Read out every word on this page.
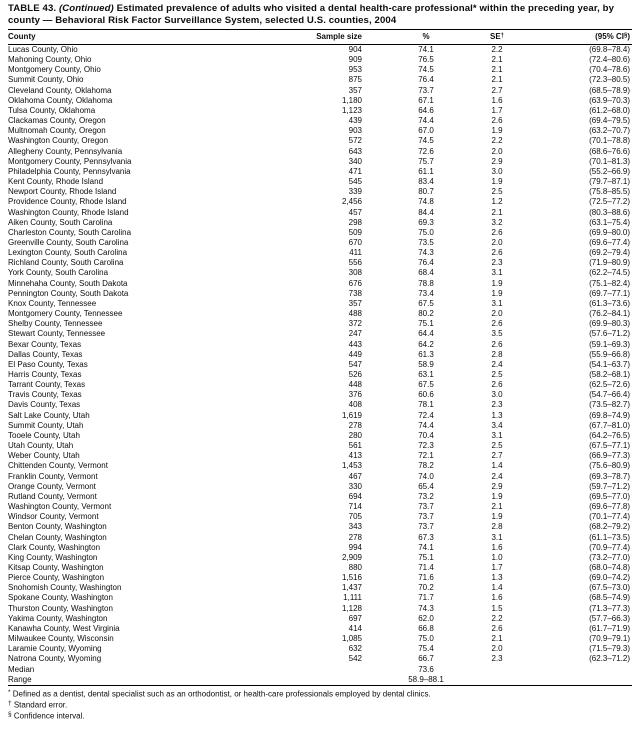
TABLE 43. (Continued) Estimated prevalence of adults who visited a dental health-care professional* within the preceding year, by county — Behavioral Risk Factor Surveillance System, selected U.S. counties, 2004
County	Sample size	%	SE†	(95% CI§)
Lucas County, Ohio	904	74.1	2.2	(69.8–78.4)
Mahoning County, Ohio	909	76.5	2.1	(72.4–80.6)
Montgomery County, Ohio	953	74.5	2.1	(70.4–78.6)
Summit County, Ohio	875	76.4	2.1	(72.3–80.5)
Cleveland County, Oklahoma	357	73.7	2.7	(68.5–78.9)
Oklahoma County, Oklahoma	1,180	67.1	1.6	(63.9–70.3)
Tulsa County, Oklahoma	1,123	64.6	1.7	(61.2–68.0)
Clackamas County, Oregon	439	74.4	2.6	(69.4–79.5)
Multnomah County, Oregon	903	67.0	1.9	(63.2–70.7)
Washington County, Oregon	572	74.5	2.2	(70.1–78.8)
Allegheny County, Pennsylvania	643	72.6	2.0	(68.6–76.6)
Montgomery County, Pennsylvania	340	75.7	2.9	(70.1–81.3)
Philadelphia County, Pennsylvania	471	61.1	3.0	(55.2–66.9)
Kent County, Rhode Island	545	83.4	1.9	(79.7–87.1)
Newport County, Rhode Island	339	80.7	2.5	(75.8–85.5)
Providence County, Rhode Island	2,456	74.8	1.2	(72.5–77.2)
Washington County, Rhode Island	457	84.4	2.1	(80.3–88.6)
Aiken County, South Carolina	298	69.3	3.2	(63.1–75.4)
Charleston County, South Carolina	509	75.0	2.6	(69.9–80.0)
Greenville County, South Carolina	670	73.5	2.0	(69.6–77.4)
Lexington County, South Carolina	411	74.3	2.6	(69.2–79.4)
Richland County, South Carolina	556	76.4	2.3	(71.9–80.9)
York County, South Carolina	308	68.4	3.1	(62.2–74.5)
Minnehaha County, South Dakota	676	78.8	1.9	(75.1–82.4)
Pennington County, South Dakota	738	73.4	1.9	(69.7–77.1)
Knox County, Tennessee	357	67.5	3.1	(61.3–73.6)
Montgomery County, Tennessee	488	80.2	2.0	(76.2–84.1)
Shelby County, Tennessee	372	75.1	2.6	(69.9–80.3)
Stewart County, Tennessee	247	64.4	3.5	(57.6–71.2)
Bexar County, Texas	443	64.2	2.6	(59.1–69.3)
Dallas County, Texas	449	61.3	2.8	(55.9–66.8)
El Paso County, Texas	547	58.9	2.4	(54.1–63.7)
Harris County, Texas	526	63.1	2.5	(58.2–68.1)
Tarrant County, Texas	448	67.5	2.6	(62.5–72.6)
Travis County, Texas	376	60.6	3.0	(54.7–66.4)
Davis County, Texas	408	78.1	2.3	(73.5–82.7)
Salt Lake County, Utah	1,619	72.4	1.3	(69.8–74.9)
Summit County, Utah	278	74.4	3.4	(67.7–81.0)
Tooele County, Utah	280	70.4	3.1	(64.2–76.5)
Utah County, Utah	561	72.3	2.5	(67.5–77.1)
Weber County, Utah	413	72.1	2.7	(66.9–77.3)
Chittenden County, Vermont	1,453	78.2	1.4	(75.6–80.9)
Franklin County, Vermont	467	74.0	2.4	(69.3–78.7)
Orange County, Vermont	330	65.4	2.9	(59.7–71.2)
Rutland County, Vermont	694	73.2	1.9	(69.5–77.0)
Washington County, Vermont	714	73.7	2.1	(69.6–77.8)
Windsor County, Vermont	705	73.7	1.9	(70.1–77.4)
Benton County, Washington	343	73.7	2.8	(68.2–79.2)
Chelan County, Washington	278	67.3	3.1	(61.1–73.5)
Clark County, Washington	994	74.1	1.6	(70.9–77.4)
King County, Washington	2,909	75.1	1.0	(73.2–77.0)
Kitsap County, Washington	880	71.4	1.7	(68.0–74.8)
Pierce County, Washington	1,516	71.6	1.3	(69.0–74.2)
Snohomish County, Washington	1,437	70.2	1.4	(67.5–73.0)
Spokane County, Washington	1,111	71.7	1.6	(68.5–74.9)
Thurston County, Washington	1,128	74.3	1.5	(71.3–77.3)
Yakima County, Washington	697	62.0	2.2	(57.7–66.3)
Kanawha County, West Virginia	414	66.8	2.6	(61.7–71.9)
Milwaukee County, Wisconsin	1,085	75.0	2.1	(70.9–79.1)
Laramie County, Wyoming	632	75.4	2.0	(71.5–79.3)
Natrona County, Wyoming	542	66.7	2.3	(62.3–71.2)
Median		73.6		
Range		58.9–88.1		
* Defined as a dentist, dental specialist such as an orthodontist, or health-care professionals employed by dental clinics.
† Standard error.
§ Confidence interval.
